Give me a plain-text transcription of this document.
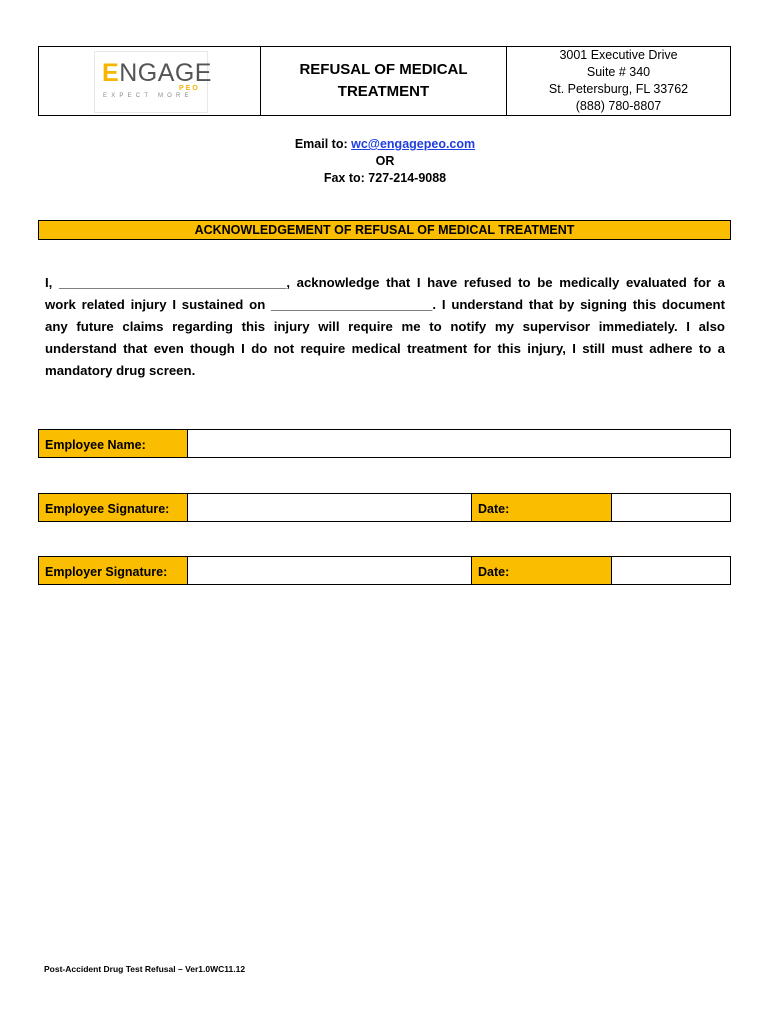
ENGAGE
PEO
EXPECT MORE
REFUSAL OF MEDICAL
TREATMENT
3001 Executive Drive
Suite # 340
St. Petersburg, FL 33762
(888) 780-8807
Email to: wc@engagepeo.com
OR
Fax to: 727-214-9088
ACKNOWLEDGEMENT OF REFUSAL OF MEDICAL TREATMENT
I, _______________________________, acknowledge that I have refused to be medically evaluated for a
work related injury I sustained on ______________________. I understand that by signing this document
any future claims regarding this injury will require me to notify my supervisor immediately. I also
understand that even though I do not require medical treatment for this injury, I still must adhere to a
mandatory drug screen.
Employee Name:
Employee Signature:	Date:
Employer Signature:	Date:
Post-Accident Drug Test Refusal – Ver1.0WC11.12
